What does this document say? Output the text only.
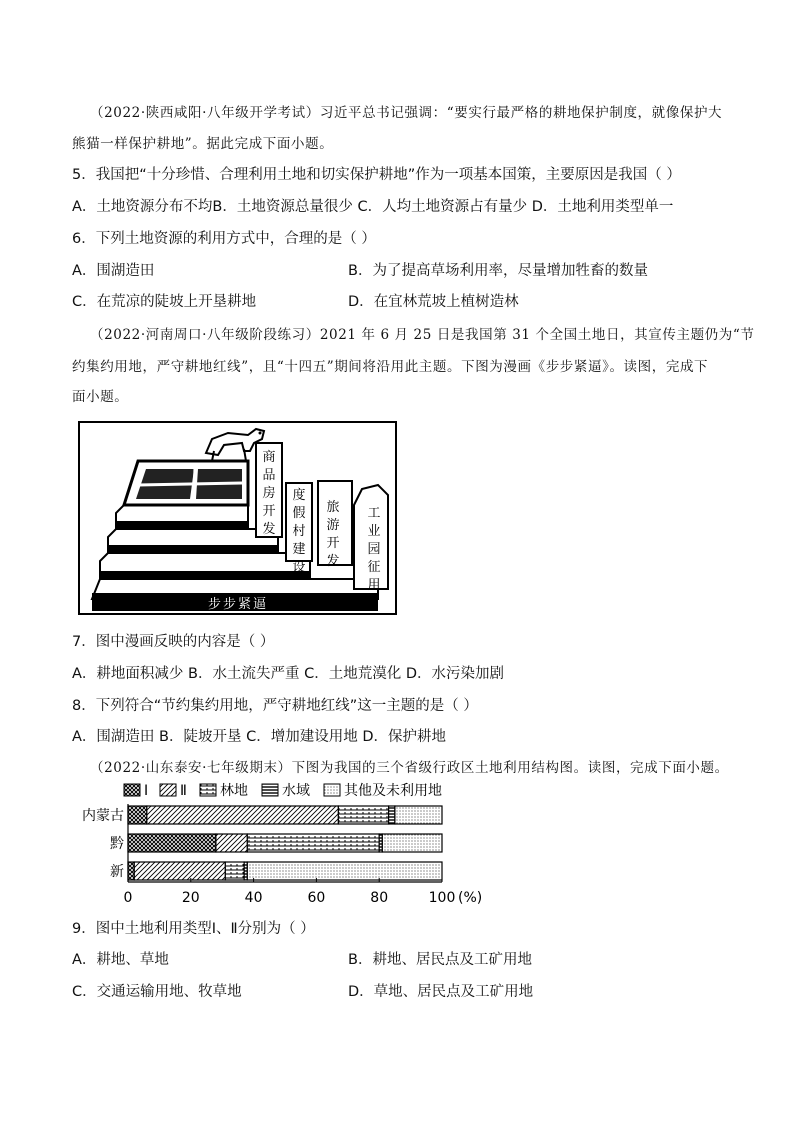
（2022·陕西咸阳·八年级开学考试）习近平总书记强调：“要实行最严格的耕地保护制度，就像保护大
熊猫一样保护耕地”。据此完成下面小题。
5．我国把“十分珍惜、合理利用土地和切实保护耕地”作为一项基本国策，主要原因是我国（ ）
A．土地资源分布不均B．土地资源总量很少 C．人均土地资源占有量少 D．土地利用类型单一
6．下列土地资源的利用方式中，合理的是（ ）
A．围湖造田	B．为了提高草场利用率，尽量增加牲畜的数量
C．在荒凉的陡坡上开垦耕地	D．在宜林荒坡上植树造林
（2022·河南周口·八年级阶段练习）2021 年 6 月 25 日是我国第 31 个全国土地日，其宣传主题仍为“节
约集约用地，严守耕地红线”，且“十四五”期间将沿用此主题。下图为漫画《步步紧逼》。读图，完成下
面小题。
商
品
房
开
发
度
假
村
建
设
旅
游
开
发
工
业
园
征
用
步步紧逼
7．图中漫画反映的内容是（ ）
A．耕地面积减少 B．水土流失严重 C．土地荒漠化 D．水污染加剧
8．下列符合“节约集约用地，严守耕地红线”这一主题的是（ ）
A．围湖造田 B．陡坡开垦 C．增加建设用地 D．保护耕地
（2022·山东泰安·七年级期末）下图为我国的三个省级行政区土地利用结构图。读图，完成下面小题。
Ⅰ Ⅱ 林地 水域 其他及未利用地
内蒙古
黔
新
0	20	40	60	80	100 (%)
9．图中土地利用类型Ⅰ、Ⅱ分别为（ ）
A．耕地、草地	B．耕地、居民点及工矿用地
C．交通运输用地、牧草地	D．草地、居民点及工矿用地
